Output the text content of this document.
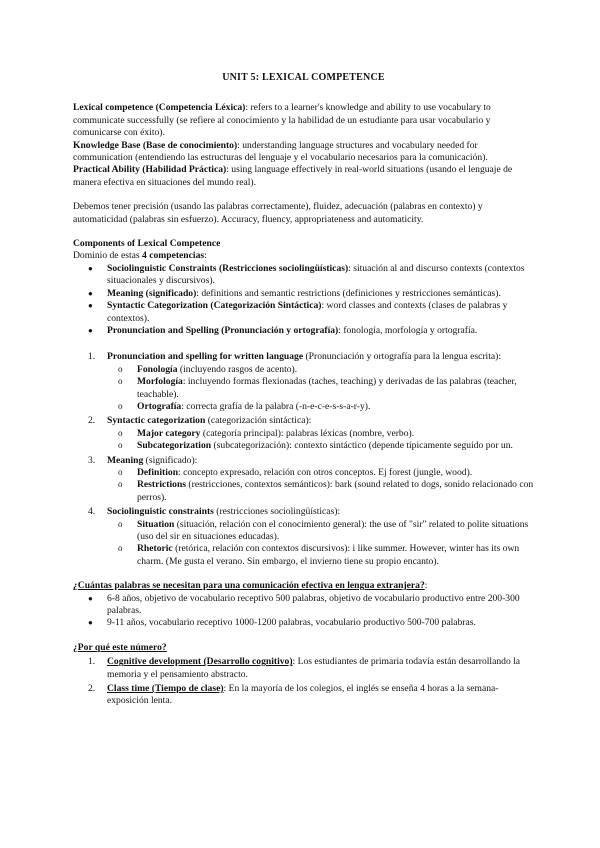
UNIT 5: LEXICAL COMPETENCE

Lexical competence (Competencia Léxica): refers to a learner's knowledge and ability to use vocabulary to communicate successfully (se refiere al conocimiento y la habilidad de un estudiante para usar vocabulario y comunicarse con éxito).

Knowledge Base (Base de conocimiento): understanding language structures and vocabulary needed for communication (entendiendo las estructuras del lenguaje y el vocabulario necesarios para la comunicación).

Practical Ability (Habilidad Práctica): using language effectively in real-world situations (usando el lenguaje de manera efectiva en situaciones del mundo real).

Debemos tener precisión (usando las palabras correctamente), fluidez, adecuación (palabras en contexto) y automaticidad (palabras sin esfuerzo). Accuracy, fluency, appropriateness and automaticity.

Components of Lexical Competence

Dominio de estas 4 competencias:

● Sociolinguistic Constraints (Restricciones sociolingüísticas): situación al and discurso contexts (contextos situacionales y discursivos).
● Meaning (significado): definitions and semantic restrictions (definiciones y restricciones semánticas).
● Syntactic Categorization (Categorización Sintáctica): word classes and contexts (clases de palabras y contextos).
● Pronunciation and Spelling (Pronunciación y ortografía): fonología, morfología y ortografía.
1. Pronunciation and spelling for written language (Pronunciación y ortografía para la lengua escrita):
o Fonología (incluyendo rasgos de acento).
o Morfología: incluyendo formas flexionadas (taches, teaching) y derivadas de las palabras (teacher, teachable).
o Ortografía: correcta grafía de la palabra (-n-e-c-e-s-s-a-r-y).
2. Syntactic categorization (categorización sintáctica):
o Major category (categoría principal): palabras léxicas (nombre, verbo).
o Subcategorization (subcategorización): contexto sintáctico (depende típicamente seguido por un.
3. Meaning (significado):
o Definition: concepto expresado, relación con otros conceptos. Ej forest (jungle, wood).
o Restrictions (restricciones, contextos semánticos): bark (sound related to dogs, sonido relacionado con perros).
4. Sociolinguistic constraints (restricciones sociolingüísticas):
o Situation (situación, relación con el conocimiento general): the use of "sir" related to polite situations (uso del sir en situaciones educadas).
o Rhetoric (retórica, relación con contextos discursivos): i like summer. However, winter has its own charm. (Me gusta el verano. Sin embargo, el invierno tiene su propio encanto).

¿Cuántas palabras se necesitan para una comunicación efectiva en lengua extranjera?:

● 6-8 años, objetivo de vocabulario receptivo 500 palabras, objetivo de vocabulario productivo entre 200-300 palabras.
● 9-11 años, vocabulario receptivo 1000-1200 palabras, vocabulario productivo 500-700 palabras.

¿Por qué este número?

1. Cognitive development (Desarrollo cognitivo): Los estudiantes de primaria todavía están desarrollando la memoria y el pensamiento abstracto.
2. Class time (Tiempo de clase): En la mayoría de los colegios, el inglés se enseña 4 horas a la semana-exposición lenta.
